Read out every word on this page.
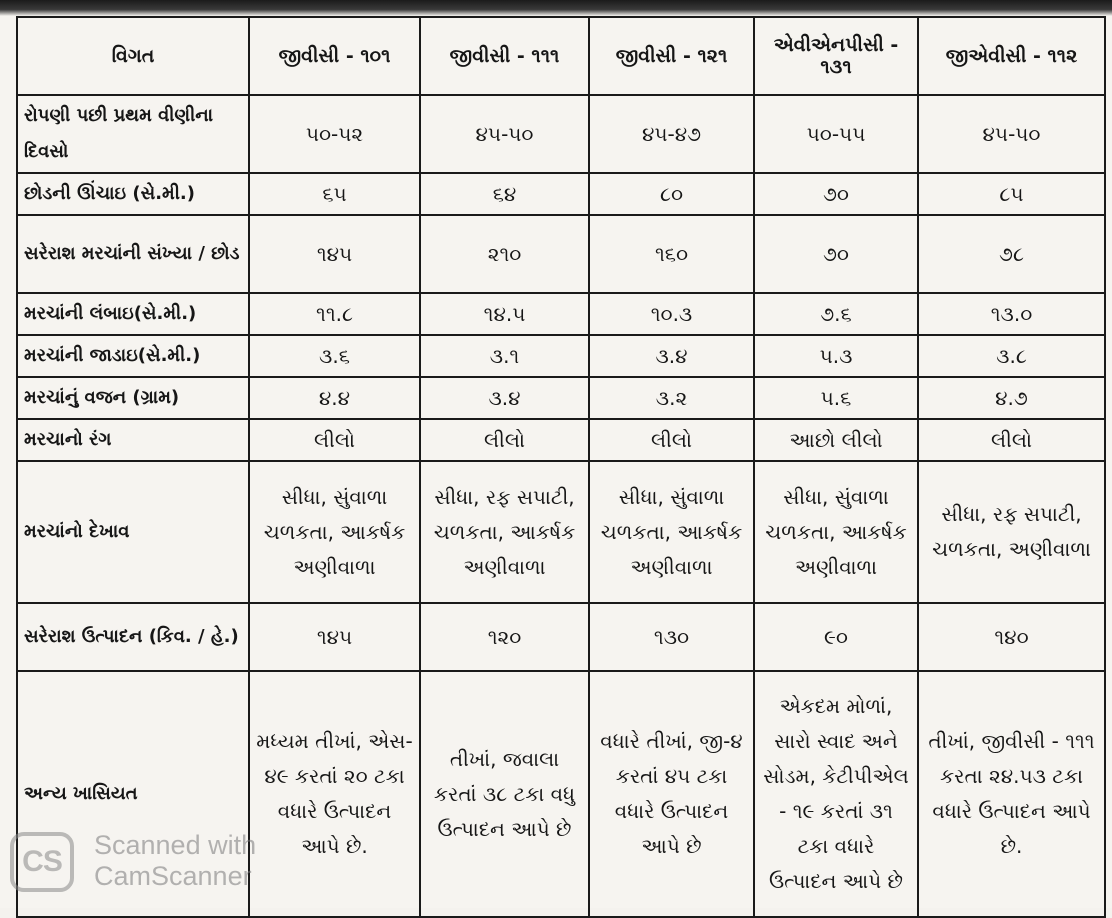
વિગત	જીવીસી - ૧૦૧	જીવીસી - ૧૧૧	જીવીસી - ૧૨૧	એવીએનપીસી - ૧૩૧	જીએવીસી - ૧૧૨
રોપણી પછી પ્રથમ વીણીના દિવસો	૫૦-૫૨	૪૫-૫૦	૪૫-૪૭	૫૦-૫૫	૪૫-૫૦
છોડની ઊંચાઇ (સે.મી.)	૬૫	૬૪	૮૦	૭૦	૮૫
સરેરાશ મરચાંની સંખ્યા / છોડ	૧૪૫	૨૧૦	૧૬૦	૭૦	૭૮
મરચાંની લંબાઇ(સે.મી.)	૧૧.૮	૧૪.૫	૧૦.૩	૭.૬	૧૩.૦
મરચાંની જાડાઇ(સે.મી.)	૩.૬	૩.૧	૩.૪	૫.૩	૩.૮
મરચાંનું વજન (ગ્રામ)	૪.૪	૩.૪	૩.૨	૫.૬	૪.૭
મરચાનો રંગ	લીલો	લીલો	લીલો	આછો લીલો	લીલો
મરચાંનો દેખાવ	સીધા, સુંવાળા ચળકતા, આકર્ષક અણીવાળા	સીધા, રફ સપાટી, ચળકતા, આકર્ષક અણીવાળા	સીધા, સુંવાળા ચળકતા, આકર્ષક અણીવાળા	સીધા, સુંવાળા ચળકતા, આકર્ષક અણીવાળા	સીધા, રફ સપાટી, ચળકતા, અણીવાળા
સરેરાશ ઉત્પાદન (કિવ. / હે.)	૧૪૫	૧૨૦	૧૩૦	૯૦	૧૪૦
અન્ય ખાસિયત	મધ્યમ તીખાં, એસ- ૪૯ કરતાં ૨૦ ટકા વધારે ઉત્પાદન આપે છે.	તીખાં, જવાલા કરતાં ૩૮ ટકા વધુ ઉત્પાદન આપે છે	વધારે તીખાં, જી-૪ કરતાં ૪૫ ટકા વધારે ઉત્પાદન આપે છે	એકદમ મોળાં, સારો સ્વાદ અને સોડમ, કેટીપીએલ - ૧૯ કરતાં ૩૧ ટકા વધારે ઉત્પાદન આપે છે	તીખાં, જીવીસી - ૧૧૧ કરતા ૨૪.૫૩ ટકા વધારે ઉત્પાદન આપે છે.
CS	Scanned with
CamScanner
